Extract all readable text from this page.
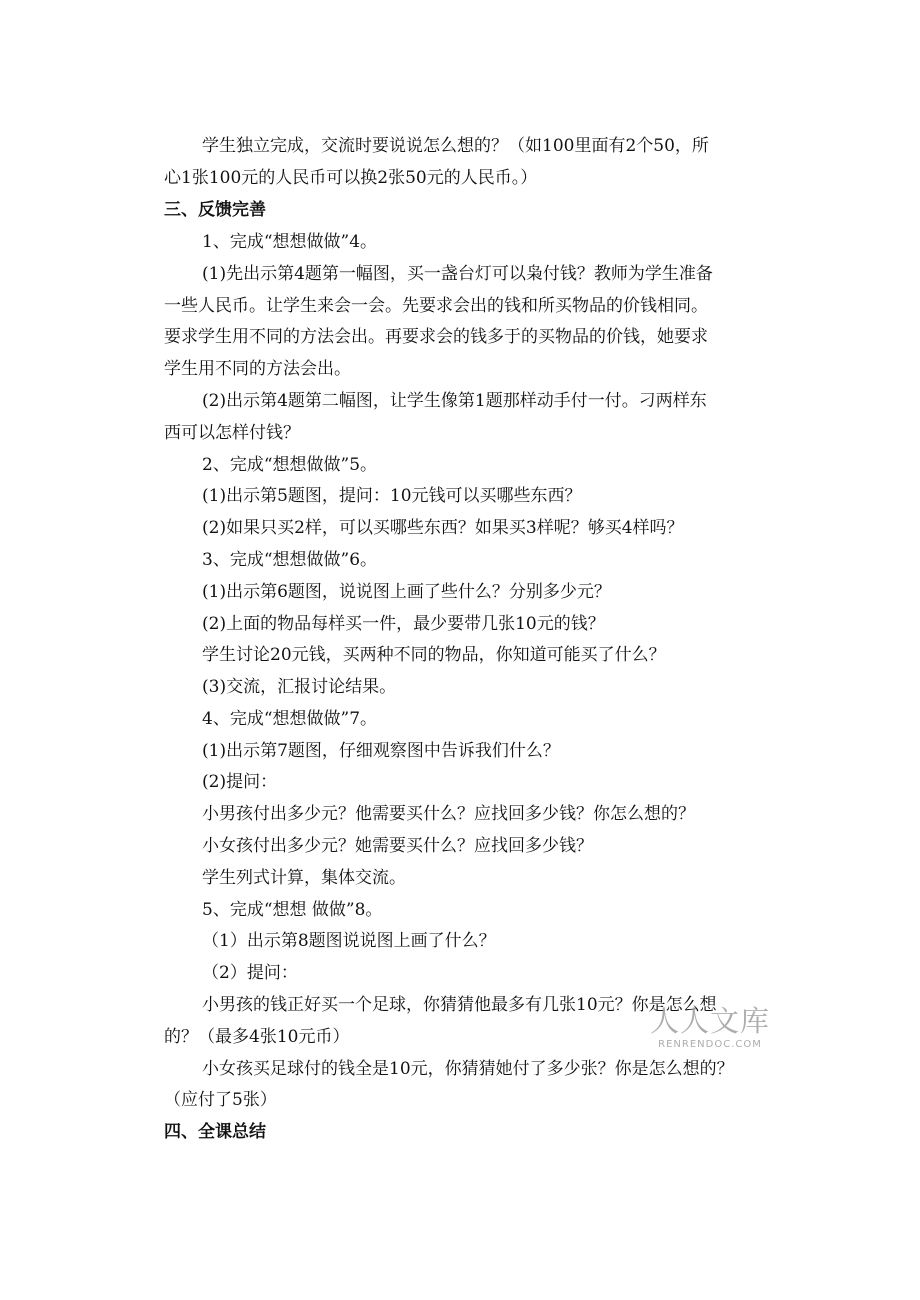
学生独立完成，交流时要说说怎么想的？（如100里面有2个50，所
心1张100元的人民币可以换2张50元的人民币。）
三、反馈完善
1、完成“想想做做”4。
(1)先出示第4题第一幅图，买一盏台灯可以枭付钱？教师为学生准备
一些人民币。让学生来会一会。先要求会出的钱和所买物品的价钱相同。
要求学生用不同的方法会出。再要求会的钱多于的买物品的价钱，她要求
学生用不同的方法会出。
(2)出示第4题第二幅图，让学生像第1题那样动手付一付。刁两样东
西可以怎样付钱？
2、完成“想想做做”5。
(1)出示第5题图，提问：10元钱可以买哪些东西？
(2)如果只买2样，可以买哪些东西？如果买3样呢？够买4样吗？
3、完成“想想做做”6。
(1)出示第6题图，说说图上画了些什么？分别多少元？
(2)上面的物品每样买一件，最少要带几张10元的钱？
学生讨论20元钱，买两种不同的物品，你知道可能买了什么？
(3)交流，汇报讨论结果。
4、完成“想想做做”7。
(1)出示第7题图，仔细观察图中告诉我们什么？
(2)提问：
小男孩付出多少元？他需要买什么？应找回多少钱？你怎么想的？
小女孩付出多少元？她需要买什么？应找回多少钱？
学生列式计算，集体交流。
5、完成“想想 做做”8。
（1）出示第8题图说说图上画了什么？
（2）提问：
小男孩的钱正好买一个足球，你猜猜他最多有几张10元？你是怎么想
的？（最多4张10元币）
小女孩买足球付的钱全是10元，你猜猜她付了多少张？你是怎么想的？
（应付了5张）
四、全课总结
人人文库
RENRENDOC.COM
